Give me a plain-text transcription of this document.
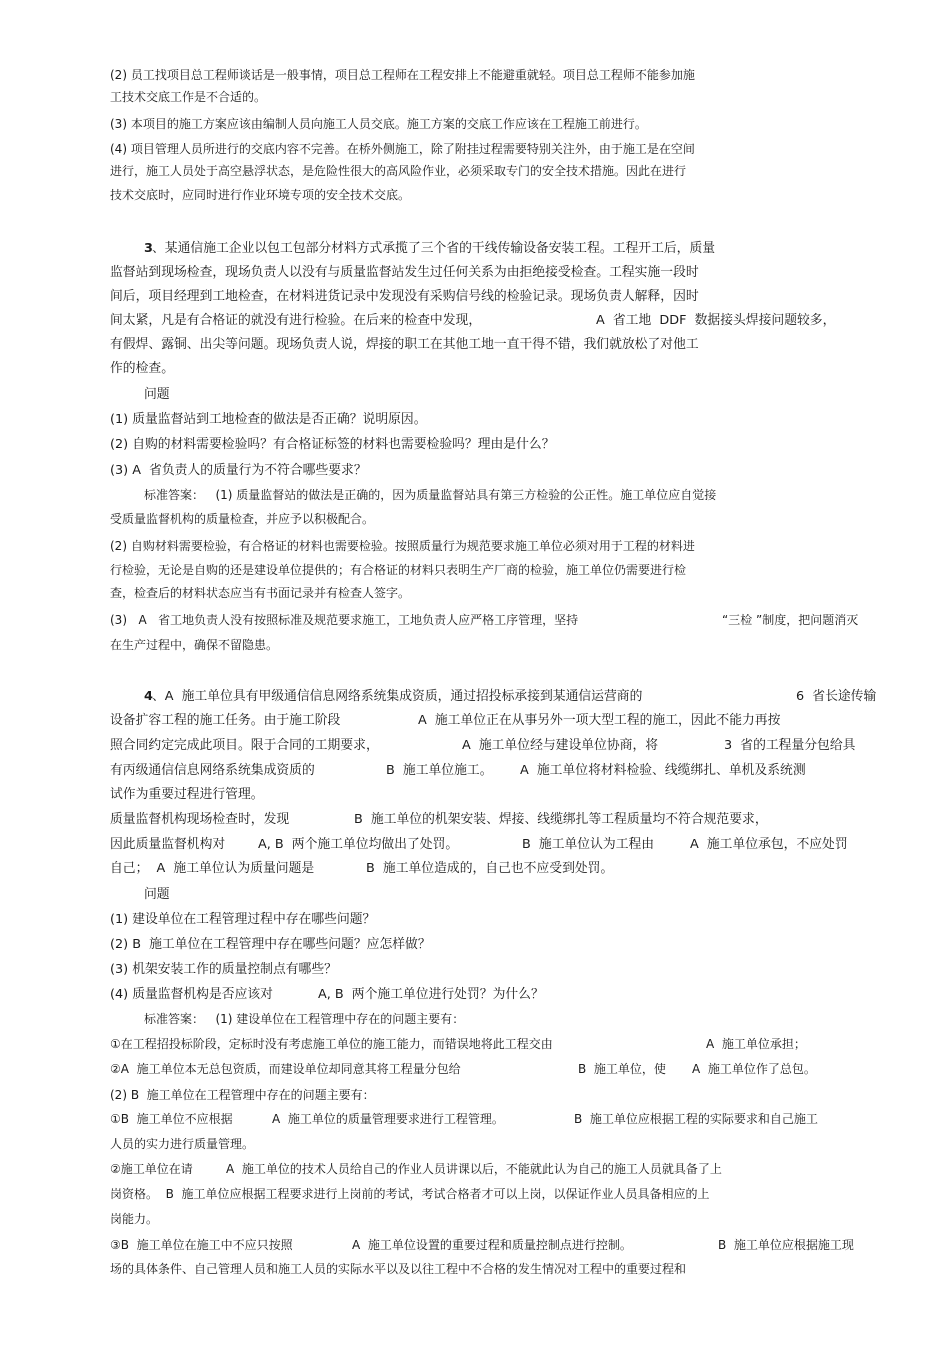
(2) 员工找项目总工程师谈话是一般事情，项目总工程师在工程安排上不能避重就轻。项目总工程师不能参加施
工技术交底工作是不合适的。
(3) 本项目的施工方案应该由编制人员向施工人员交底。施工方案的交底工作应该在工程施工前进行。
(4) 项目管理人员所进行的交底内容不完善。在桥外侧施工，除了附挂过程需要特别关注外，由于施工是在空间
进行，施工人员处于高空悬浮状态，是危险性很大的高风险作业，必须采取专门的安全技术措施。因此在进行
技术交底时，应同时进行作业环境专项的安全技术交底。
3 、某通信施工企业以包工包部分材料方式承揽了三个省的干线传输设备安装工程。工程开工后，质量
监督站到现场检查，现场负责人以没有与质量监督站发生过任何关系为由拒绝接受检查。工程实施一段时
间后，项目经理到工地检查，在材料进货记录中发现没有采购信号线的检验记录。现场负责人解释，因时
间太紧，凡是有合格证的就没有进行检验。在后来的检查中发现，	A  省工地  DDF  数据接头焊接问题较多，
有假焊、露铜、出尖等问题。现场负责人说，焊接的职工在其他工地一直干得不错，我们就放松了对他工
作的检查。
问题
(1) 质量监督站到工地检查的做法是否正确？说明原因。
(2) 自购的材料需要检验吗？有合格证标签的材料也需要检验吗？理由是什么？
(3) A  省负责人的质量行为不符合哪些要求？
标准答案：   (1) 质量监督站的做法是正确的，因为质量监督站具有第三方检验的公正性。施工单位应自觉接
受质量监督机构的质量检查，并应予以积极配合。
(2) 自购材料需要检验，有合格证的材料也需要检验。按照质量行为规范要求施工单位必须对用于工程的材料进
行检验，无论是自购的还是建设单位提供的；有合格证的材料只表明生产厂商的检验，施工单位仍需要进行检
查，检查后的材料状态应当有书面记录并有检查人签字。
(3)   A   省工地负责人没有按照标准及规范要求施工，工地负责人应严格工序管理，坚持	“三检 ”制度，把问题消灭
在生产过程中，确保不留隐患。
4 、A  施工单位具有甲级通信信息网络系统集成资质，通过招投标承接到某通信运营商的	6  省长途传输
设备扩容工程的施工任务。由于施工阶段	A  施工单位正在从事另外一项大型工程的施工，因此不能力再按
照合同约定完成此项目。限于合同的工期要求，	A  施工单位经与建设单位协商，将	3  省的工程量分包给具
有丙级通信信息网络系统集成资质的	B  施工单位施工。 A  施工单位将材料检验、线缆绑扎、单机及系统测
试作为重要过程进行管理。
质量监督机构现场检查时，发现	B  施工单位的机架安装、焊接、线缆绑扎等工程质量均不符合规范要求，
因此质量监督机构对	A, B  两个施工单位均做出了处罚。	B  施工单位认为工程由	A  施工单位承包，不应处罚
自己；  A  施工单位认为质量问题是	B  施工单位造成的，自己也不应受到处罚。
问题
(1) 建设单位在工程管理过程中存在哪些问题？
(2) B  施工单位在工程管理中存在哪些问题？应怎样做？
(3) 机架安装工作的质量控制点有哪些？
(4) 质量监督机构是否应该对	A, B  两个施工单位进行处罚？为什么？
标准答案：   (1) 建设单位在工程管理中存在的问题主要有：
①在工程招投标阶段，定标时没有考虑施工单位的施工能力，而错误地将此工程交由	A  施工单位承担；
②A  施工单位本无总包资质，而建设单位却同意其将工程量分包给	B  施工单位，使 A  施工单位作了总包。
(2) B  施工单位在工程管理中存在的问题主要有：
①B  施工单位不应根据	A  施工单位的质量管理要求进行工程管理。	B  施工单位应根据工程的实际要求和自己施工
人员的实力进行质量管理。
②施工单位在请	A  施工单位的技术人员给自己的作业人员讲课以后，不能就此认为自己的施工人员就具备了上
岗资格。  B  施工单位应根据工程要求进行上岗前的考试，考试合格者才可以上岗，以保证作业人员具备相应的上
岗能力。
③B  施工单位在施工中不应只按照	A  施工单位设置的重要过程和质量控制点进行控制。	B  施工单位应根据施工现
场的具体条件、自己管理人员和施工人员的实际水平以及以往工程中不合格的发生情况对工程中的重要过程和
